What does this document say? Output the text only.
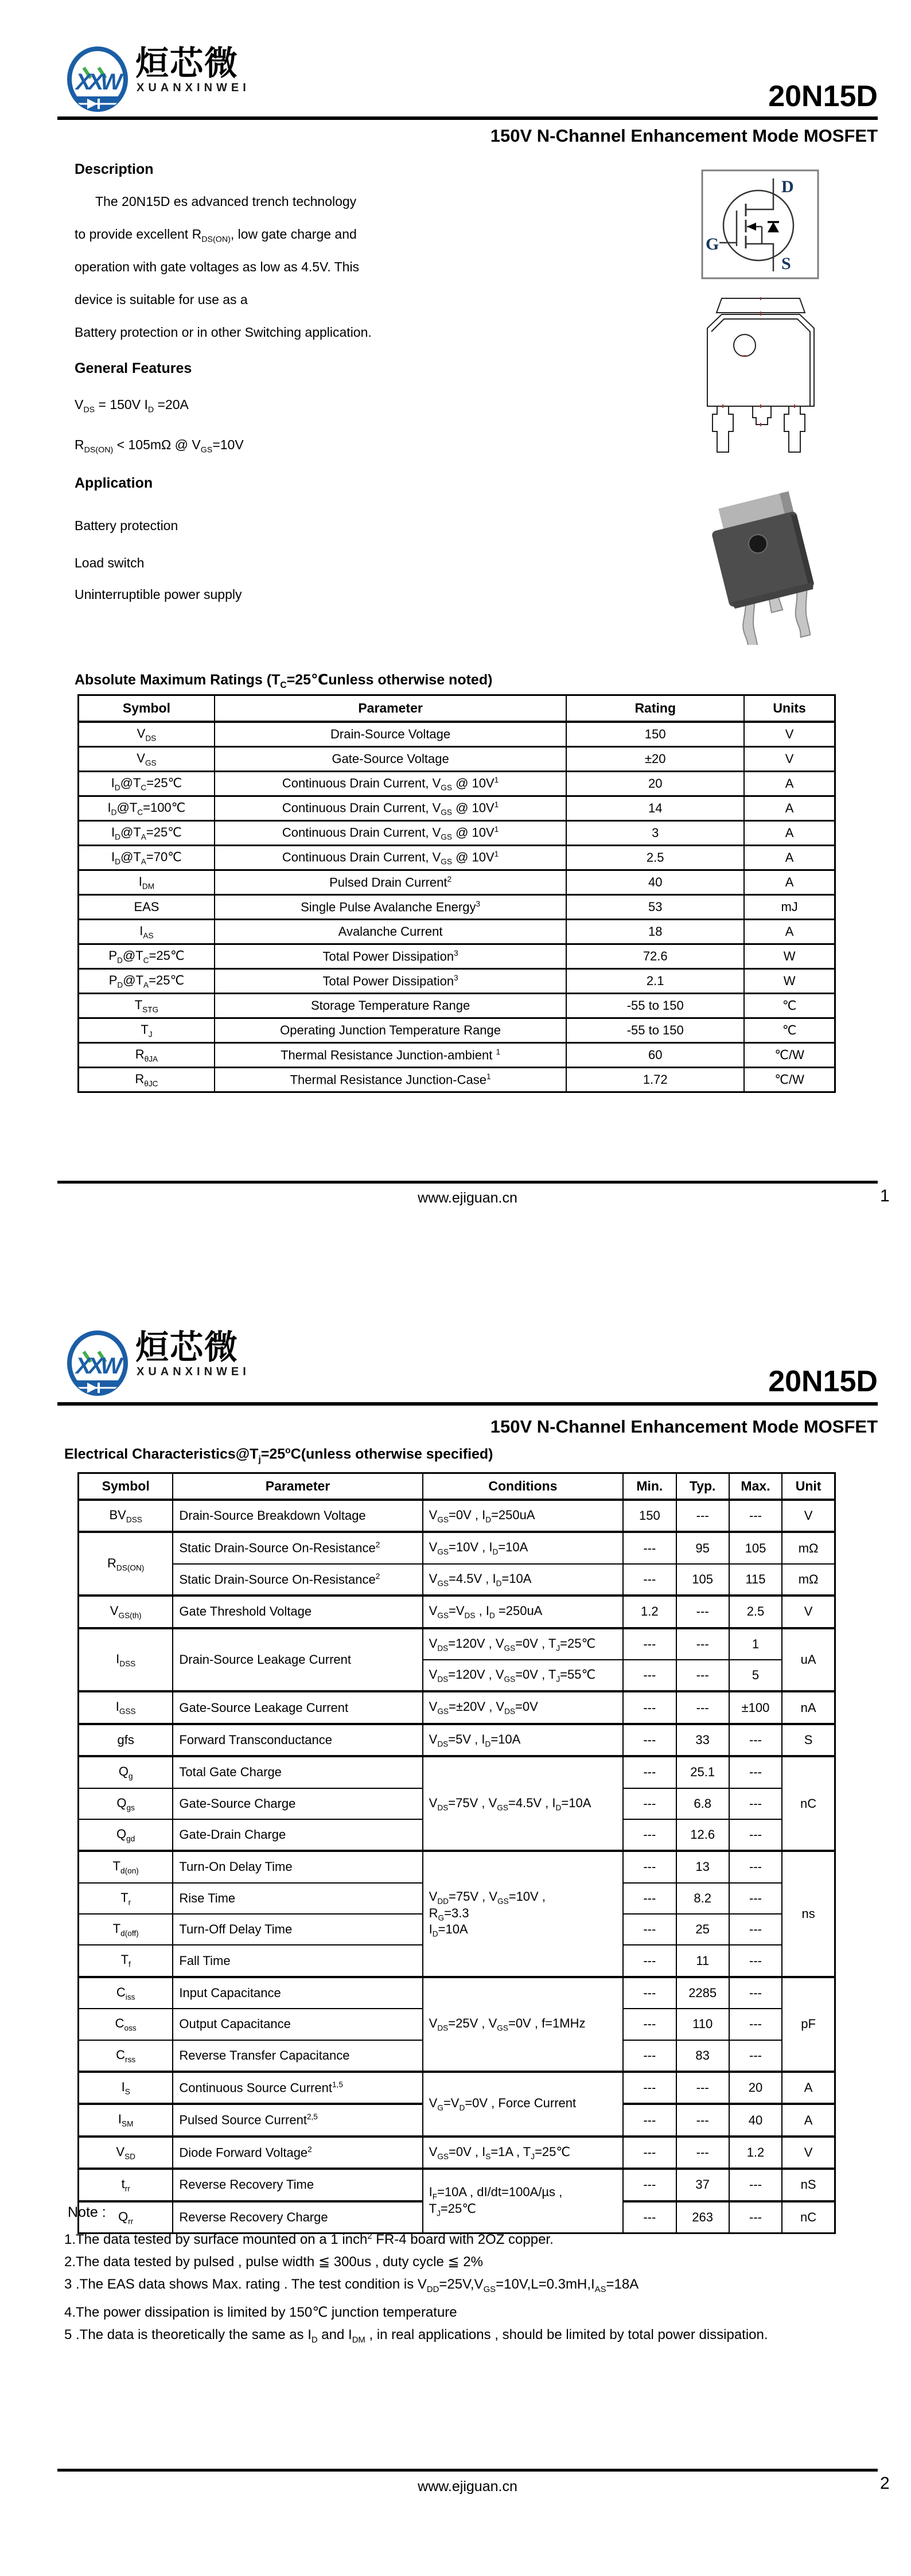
XXW 烜芯微
XUANXINWEI	20N15D
150V N-Channel Enhancement Mode MOSFET
Description
The 20N15D es advanced trench technology
to provide excellent $R_{DS(ON)}$, low gate charge and
operation with gate voltages as low as 4.5V. This
device is suitable for use as a
Battery protection or in other Switching application.
General Features
$V_{DS} = 150V$ $I_D =20A$
$R_{DS(ON)} < 105m\Omega$ @ $V_{GS}=10V$
Application
Battery protection
Load switch
Uninterruptible power supply
D
G
S
Absolute Maximum Ratings ($T_C=25℃unless$ otherwise noted)
Symbol	Parameter	Rating	Units
$V_{DS}$	Drain-Source Voltage	150	V
$V_{GS}$	Gate-Source Voltage	±20	V
$I_D@T_C=25℃$	Continuous Drain Current, $V_{GS}$ @ $10V^1$	20	A
$I_D@T_C=100℃$	Continuous Drain Current, $V_{GS}$ @ $10V^1$	14	A
$I_D@T_A=25℃$	Continuous Drain Current, $V_{GS}$ @ $10V^1$	3	A
$I_D@T_A=70℃$	Continuous Drain Current, $V_{GS}$ @ $10V^1$	2.5	A
$I_{DM}$	Pulsed Drain Current$^2$	40	A
EAS	Single Pulse Avalanche Energy$^3$	53	mJ
$I_{AS}$	Avalanche Current	18	A
$P_D@T_C=25℃$	Total Power Dissipation$^3$	72.6	W
$P_D@T_A=25℃$	Total Power Dissipation$^3$	2.1	W
$T_{STG}$	Storage Temperature Range	-55 to 150	℃
$T_J$	Operating Junction Temperature Range	-55 to 150	℃
$R_{\theta JA}$	Thermal Resistance Junction-ambient $^1$	60	℃/W
$R_{\theta JC}$	Thermal Resistance Junction-Case$^1$	1.72	℃/W
www.ejiguan.cn	1
XXW 烜芯微
XUANXINWEI	20N15D
150V N-Channel Enhancement Mode MOSFET
Electrical $Characteristics@T_j=25^oC(unless$ otherwise specified)
Symbol	Parameter	Conditions	Min.	Typ.	Max.	Unit
$BV_{DSS}$	Drain-Source Breakdown Voltage	$V_{GS}=0V$ , $I_D=250uA$	150	---	---	V
$R_{DS(ON)}$	Static Drain-Source On-Resistance$^2$	$V_{GS}=10V$ , $I_D=10A$	---	95	105	mΩ
	Static Drain-Source On-Resistance$^2$	$V_{GS}=4.5V$ , $I_D=10A$	---	105	115	mΩ
$V_{GS(th)}$	Gate Threshold Voltage	$V_{GS}=V_{DS}$ , $I_D =250uA$	1.2	---	2.5	V
$I_{DSS}$	Drain-Source Leakage Current	$V_{DS}=120V$ , $V_{GS}=0V$ , $T_J=25℃$	---	---	1	uA
		$V_{DS}=120V$ , $V_{GS}=0V$ , $T_J=55℃$	---	---	5	
$I_{GSS}$	Gate-Source Leakage Current	$V_{GS}=\pm 20V$ , $V_{DS}=0V$	---	---	±100	nA
gfs	Forward Transconductance	$V_{DS}=5V$ , $I_D=10A$	---	33	---	S
$Q_g$	Total Gate Charge	$V_{DS}=75V$ , $V_{GS}=4.5V$ , $I_D=10A$	---	25.1	---	nC
$Q_{gs}$	Gate-Source Charge		---	6.8	---	
$Q_{gd}$	Gate-Drain Charge		---	12.6	---	
$T_{d(on)}$	Turn-On Delay Time	$V_{DD}=75V$ , $V_{GS}=10V$ ,
$R_G=3.3$
$I_D=10A$	---	13	---	ns
$T_r$	Rise Time		---	8.2	---	
$T_{d(off)}$	Turn-Off Delay Time		---	25	---	
$T_f$	Fall Time		---	11	---	
$C_{iss}$	Input Capacitance	$V_{DS}=25V$ , $V_{GS}=0V$ , f=1MHz	---	2285	---	pF
$C_{oss}$	Output Capacitance		---	110	---	
$C_{rss}$	Reverse Transfer Capacitance		---	83	---	
$I_S$	Continuous Source Current$^{1,5}$	$V_G=V_D=0V$ , Force Current	---	---	20	A
$I_{SM}$	Pulsed Source Current$^{2,5}$		---	---	40	A
$V_{SD}$	Diode Forward Voltage$^2$	$V_{GS}=0V$ , $I_S=1A$ , $T_J=25℃$	---	---	1.2	V
$t_{rr}$	Reverse Recovery Time	$I_F=10A$ , dI/dt=100A/µs ,
$T_J=25℃$	---	37	---	nS
$Q_{rr}$	Reverse Recovery Charge		---	263	---	nC
Note :
1.The data tested by surface mounted on a 1 inch$^2$ FR-4 board with 2OZ copper.
2.The data tested by pulsed , pulse width ≦ 300us , duty cycle ≦ 2%
3 .The EAS data shows Max. rating . The test condition is $V_{DD}=25V,V_{GS}=10V,L=0.3mH,I_{AS}=18A$
4.The power dissipation is limited by 150℃ junction temperature
5 .The data is theoretically the same as $I_D$ and $I_{DM}$ , in real applications , should be limited by total power dissipation.
www.ejiguan.cn	2
